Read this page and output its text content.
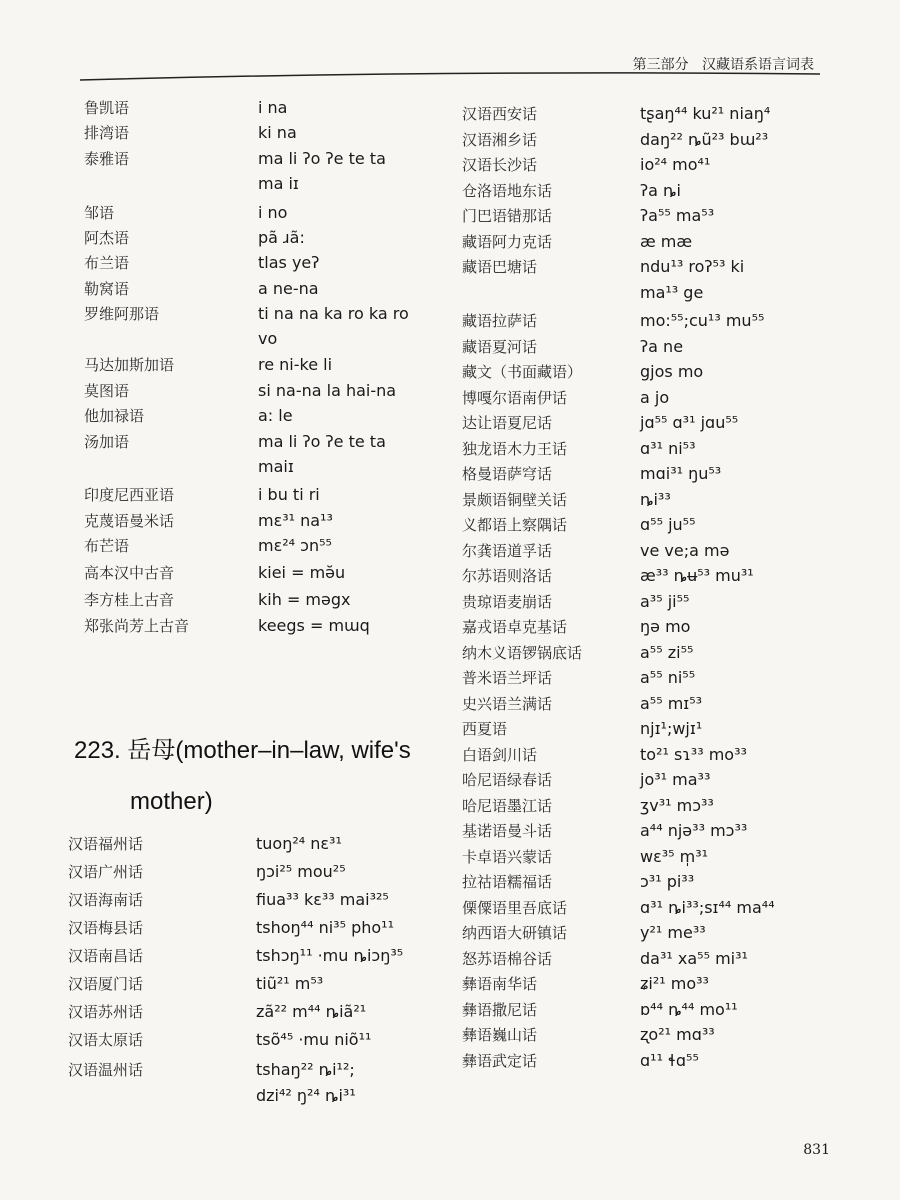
第三部分 汉藏语系语言词表
鲁凯语	i na
排湾语	ki na
泰雅语	ma li ʔo ʔe te ta
ma iɪ
邹语	i no
阿杰语	pã ɹã:
布兰语	tlas yeʔ
勒窝语	a ne-na
罗维阿那语	ti na na ka ro ka ro
vo
马达加斯加语	re ni-ke li
莫图语	si na-na la hai-na
他加禄语	a: le
汤加语	ma li ʔo ʔe te ta
maiɪ
印度尼西亚语	i bu ti ri
克蔑语曼米话	mɛ³¹ na¹³
布芒语	mɛ²⁴ ɔn⁵⁵
高本汉中古音	kiei = mə̆u
李方桂上古音	kih = məgx
郑张尚芳上古音	keegs = mɯq
223. 岳母(mother–in–law, wife's
mother)
汉语福州话	tuoŋ²⁴ nɛ³¹
汉语广州话	ŋɔi²⁵ mou²⁵
汉语海南话	fiua³³ kɛ³³ mai³²⁵
汉语梅县话	tshoŋ⁴⁴ ni³⁵ pho¹¹
汉语南昌话	tshɔŋ¹¹ ·mu ȵiɔŋ³⁵
汉语厦门话	tiũ²¹ m⁵³
汉语苏州话	zã²² m⁴⁴ ȵiã²¹
汉语太原话	tsõ⁴⁵ ·mu niõ¹¹
汉语温州话	tshaŋ²² ȵi¹²;
dzi⁴² ŋ²⁴ ȵi³¹
汉语西安话	tʂaŋ⁴⁴ ku²¹ niaŋ⁴
汉语湘乡话	daŋ²² ȵũ²³ bɯ²³
汉语长沙话	io²⁴ mo⁴¹
仓洛语地东话	ʔa ȵi
门巴语错那话	ʔa⁵⁵ ma⁵³
藏语阿力克话	æ mæ
藏语巴塘话	ndu¹³ roʔ⁵³ ki
ma¹³ ge
藏语拉萨话	mo:⁵⁵;cu¹³ mu⁵⁵
藏语夏河话	ʔa ne
藏文（书面藏语）	gjos mo
博嘎尔语南伊话	a jo
达让语夏尼话	jɑ⁵⁵ ɑ³¹ jɑu⁵⁵
独龙语木力王话	ɑ³¹ ni⁵³
格曼语萨穹话	mɑi³¹ ŋu⁵³
景颇语铜壁关话	ȵi³³
义都语上察隅话	ɑ⁵⁵ ju⁵⁵
尔龚语道孚话	ve ve;a mə
尔苏语则洛话	æ³³ ȵʉ⁵³ mu³¹
贵琼语麦崩话	a³⁵ ji⁵⁵
嘉戎语卓克基话	ŋə mo
纳木义语锣锅底话	a⁵⁵ zi⁵⁵
普米语兰坪话	a⁵⁵ ni⁵⁵
史兴语兰满话	a⁵⁵ mɪ⁵³
西夏语	njɪ¹;wjɪ¹
白语剑川话	to²¹ sɿ³³ mo³³
哈尼语绿春话	jo³¹ ma³³
哈尼语墨江话	ʒv³¹ mɔ³³
基诺语曼斗话	a⁴⁴ njə³³ mɔ³³
卡卓语兴蒙话	wɛ³⁵ m̩³¹
拉祜语糯福话	ɔ³¹ pi³³
傈僳语里吾底话	ɑ³¹ ȵi³³;sɪ⁴⁴ ma⁴⁴
纳西语大研镇话	y²¹ me³³
怒苏语棉谷话	da³¹ xa⁵⁵ mi³¹
彝语南华话	ʑi²¹ mo³³
彝语撒尼话	ɒ⁴⁴ ȵ⁴⁴ mo¹¹
彝语巍山话	ʐo²¹ mɑ³³
彝语武定话	ɑ¹¹ ɬɑ⁵⁵
831
